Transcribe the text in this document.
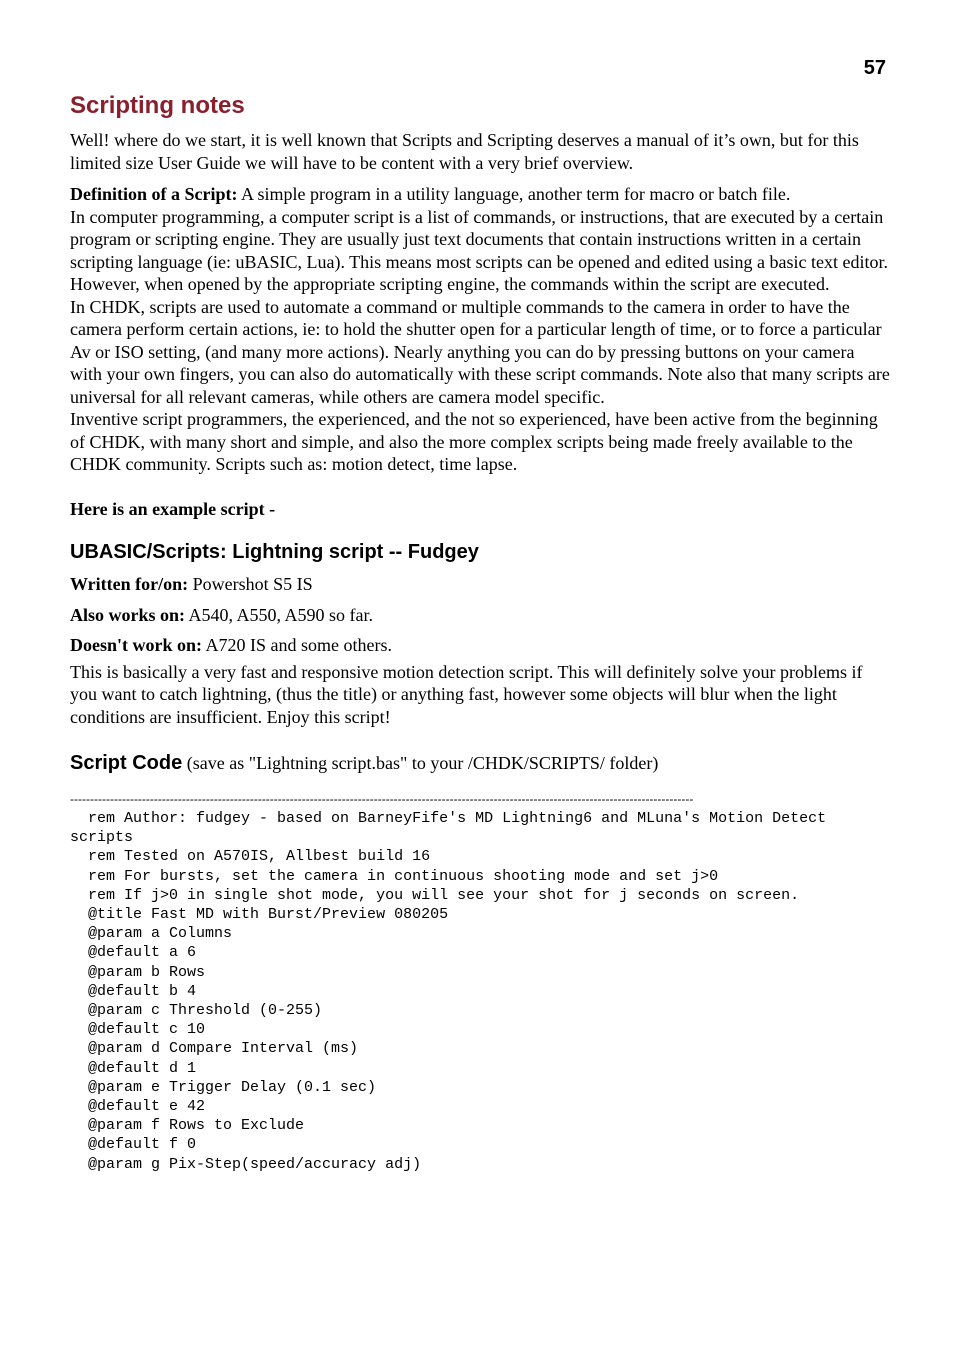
57
Scripting notes

Well! where do we start, it is well known that Scripts and Scripting deserves a manual of it’s own, but for this limited size User Guide we will have to be content with a very brief overview.

Definition of a Script: A simple program in a utility language, another term for macro or batch file.

In computer programming, a computer script is a list of commands, or instructions, that are executed by a certain program or scripting engine. They are usually just text documents that contain instructions written in a certain scripting language (ie: uBASIC, Lua). This means most scripts can be opened and edited using a basic text editor. However, when opened by the appropriate scripting engine, the commands within the script are executed.

In CHDK, scripts are used to automate a command or multiple commands to the camera in order to have the camera perform certain actions, ie: to hold the shutter open for a particular length of time, or to force a particular Av or ISO setting, (and many more actions). Nearly anything you can do by pressing buttons on your camera with your own fingers, you can also do automatically with these script commands. Note also that many scripts are universal for all relevant cameras, while others are camera model specific.

Inventive script programmers, the experienced, and the not so experienced, have been active from the beginning of CHDK, with many short and simple, and also the more complex scripts being made freely available to the CHDK community. Scripts such as: motion detect, time lapse.

Here is an example script -

UBASIC/Scripts: Lightning script -- Fudgey

Written for/on: Powershot S5 IS

Also works on: A540, A550, A590 so far.

Doesn't work on: A720 IS and some others.

This is basically a very fast and responsive motion detection script. This will definitely solve your problems if you want to catch lightning, (thus the title) or anything fast, however some objects will blur when the light conditions are insufficient. Enjoy this script!

Script Code (save as "Lightning script.bas" to your /CHDK/SCRIPTS/ folder)
------------------------------------------------------------------------------------------------------------------------------------------------------------
rem Author: fudgey - based on BarneyFife's MD Lightning6 and MLuna's Motion Detect scripts
rem Tested on A570IS, Allbest build 16
rem For bursts, set the camera in continuous shooting mode and set j>0
rem If j>0 in single shot mode, you will see your shot for j seconds on screen.
@title Fast MD with Burst/Preview 080205
@param a Columns
@default a 6
@param b Rows
@default b 4
@param c Threshold (0-255)
@default c 10
@param d Compare Interval (ms)
@default d 1
@param e Trigger Delay (0.1 sec)
@default e 42
@param f Rows to Exclude
@default f 0
@param g Pix-Step(speed/accuracy adj)
